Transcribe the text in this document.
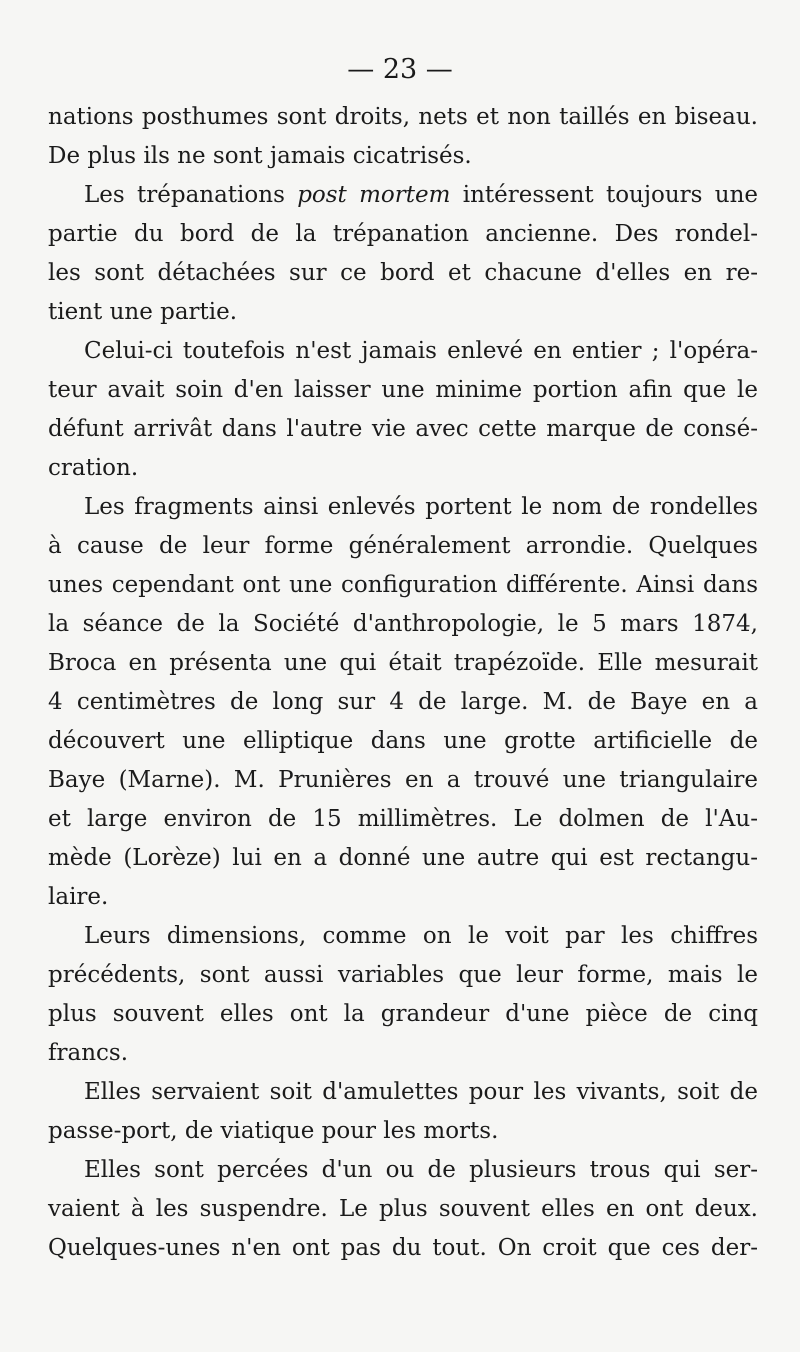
— 23 —
nations posthumes sont droits, nets et non taillés en biseau.
De plus ils ne sont jamais cicatrisés.
Les trépanations post mortem intéressent toujours une
partie du bord de la trépanation ancienne. Des rondel-
les sont détachées sur ce bord et chacune d'elles en re-
tient une partie.
Celui-ci toutefois n'est jamais enlevé en entier ; l'opéra-
teur avait soin d'en laisser une minime portion afin que le
défunt arrivât dans l'autre vie avec cette marque de consé-
cration.
Les fragments ainsi enlevés portent le nom de rondelles
à cause de leur forme généralement arrondie. Quelques
unes cependant ont une configuration différente. Ainsi dans
la séance de la Société d'anthropologie, le 5 mars 1874,
Broca en présenta une qui était trapézoïde. Elle mesurait
4 centimètres de long sur 4 de large. M. de Baye en a
découvert une elliptique dans une grotte artificielle de
Baye (Marne). M. Prunières en a trouvé une triangulaire
et large environ de 15 millimètres. Le dolmen de l'Au-
mède (Lorèze) lui en a donné une autre qui est rectangu-
laire.
Leurs dimensions, comme on le voit par les chiffres
précédents, sont aussi variables que leur forme, mais le
plus souvent elles ont la grandeur d'une pièce de cinq
francs.
Elles servaient soit d'amulettes pour les vivants, soit de
passe-port, de viatique pour les morts.
Elles sont percées d'un ou de plusieurs trous qui ser-
vaient à les suspendre. Le plus souvent elles en ont deux.
Quelques-unes n'en ont pas du tout. On croit que ces der-
